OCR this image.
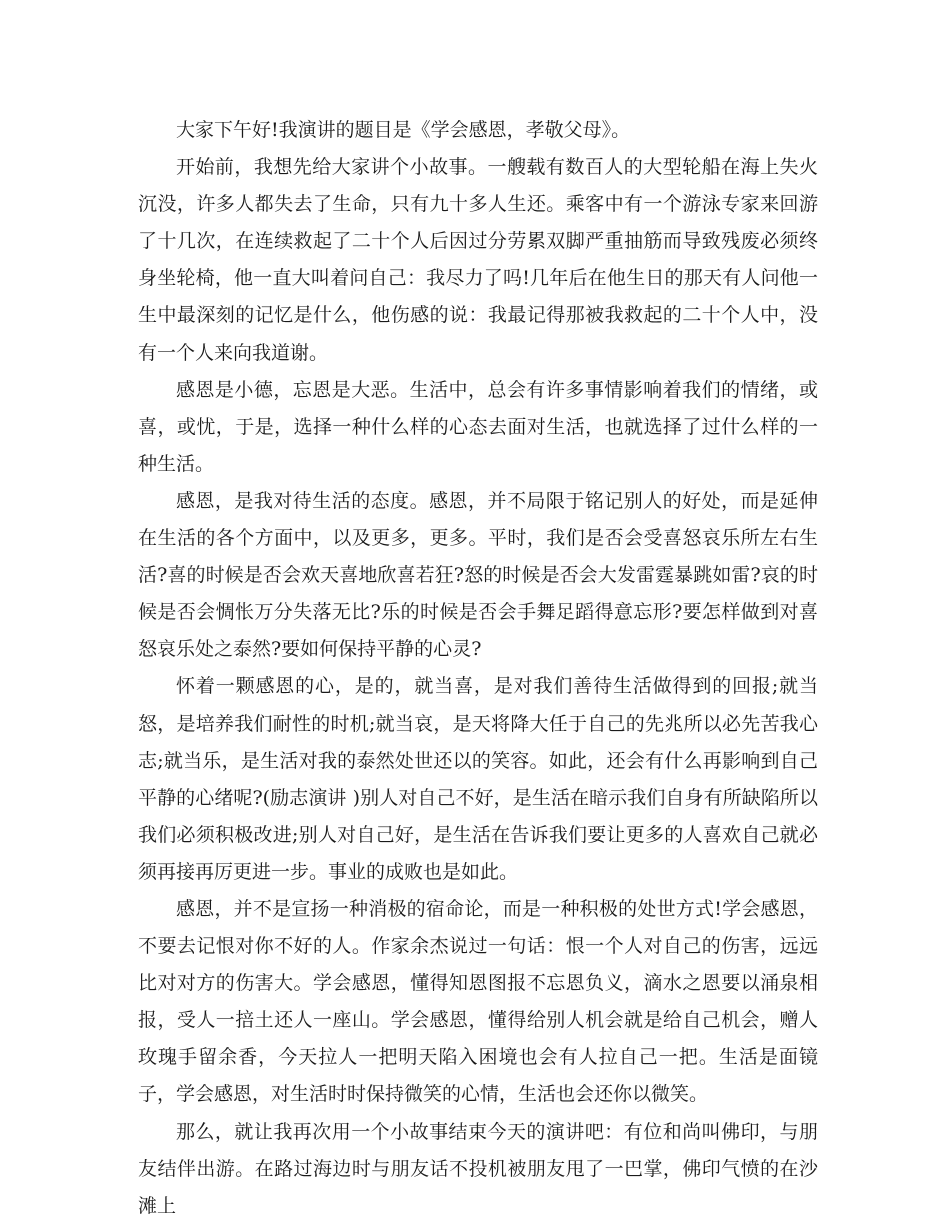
大家下午好!我演讲的题目是《学会感恩，孝敬父母》。

开始前，我想先给大家讲个小故事。一艘载有数百人的大型轮船在海上失火沉没，许多人都失去了生命，只有九十多人生还。乘客中有一个游泳专家来回游了十几次，在连续救起了二十个人后因过分劳累双脚严重抽筋而导致残废必须终身坐轮椅，他一直大叫着问自己：我尽力了吗!几年后在他生日的那天有人问他一生中最深刻的记忆是什么，他伤感的说：我最记得那被我救起的二十个人中，没有一个人来向我道谢。

感恩是小德，忘恩是大恶。生活中，总会有许多事情影响着我们的情绪，或喜，或忧，于是，选择一种什么样的心态去面对生活，也就选择了过什么样的一种生活。

感恩，是我对待生活的态度。感恩，并不局限于铭记别人的好处，而是延伸在生活的各个方面中，以及更多，更多。平时，我们是否会受喜怒哀乐所左右生活?喜的时候是否会欢天喜地欣喜若狂?怒的时候是否会大发雷霆暴跳如雷?哀的时候是否会惆怅万分失落无比?乐的时候是否会手舞足蹈得意忘形?要怎样做到对喜怒哀乐处之泰然?要如何保持平静的心灵?

怀着一颗感恩的心，是的，就当喜，是对我们善待生活做得到的回报;就当怒，是培养我们耐性的时机;就当哀，是天将降大任于自己的先兆所以必先苦我心志;就当乐，是生活对我的泰然处世还以的笑容。如此，还会有什么再影响到自己平静的心绪呢?(励志演讲 )别人对自己不好，是生活在暗示我们自身有所缺陷所以我们必须积极改进;别人对自己好，是生活在告诉我们要让更多的人喜欢自己就必须再接再厉更进一步。事业的成败也是如此。

感恩，并不是宣扬一种消极的宿命论，而是一种积极的处世方式!学会感恩，不要去记恨对你不好的人。作家余杰说过一句话：恨一个人对自己的伤害，远远比对对方的伤害大。学会感恩，懂得知恩图报不忘恩负义，滴水之恩要以涌泉相报，受人一掊土还人一座山。学会感恩，懂得给别人机会就是给自己机会，赠人玫瑰手留余香，今天拉人一把明天陷入困境也会有人拉自己一把。生活是面镜子，学会感恩，对生活时时保持微笑的心情，生活也会还你以微笑。

那么，就让我再次用一个小故事结束今天的演讲吧：有位和尚叫佛印，与朋友结伴出游。在路过海边时与朋友话不投机被朋友甩了一巴掌，佛印气愤的在沙滩上
